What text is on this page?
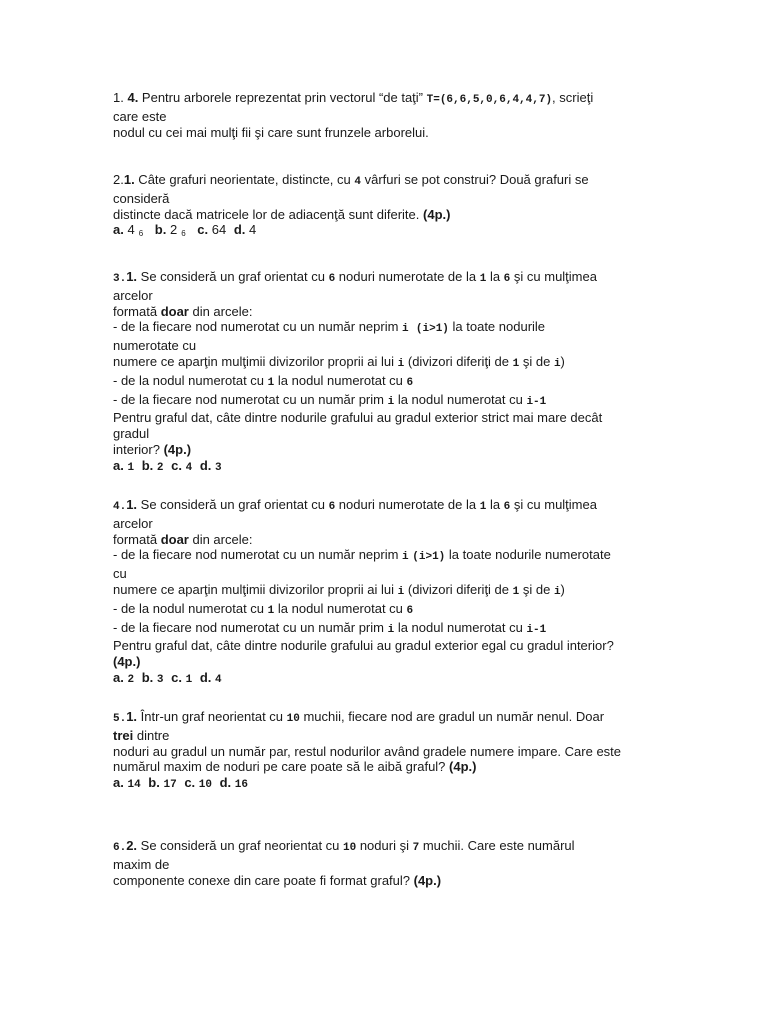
1. 4. Pentru arborele reprezentat prin vectorul “de taţi” T=(6,6,5,0,6,4,4,7), scrieţi
care este
nodul cu cei mai mulţi fii şi care sunt frunzele arborelui.
2.1. Câte grafuri neorientate, distincte, cu 4 vârfuri se pot construi? Două grafuri se
consideră
distincte dacă matricele lor de adiacenţă sunt diferite. (4p.)
a. 4 $_6$ b. 2 $_6$ c. 64 d. 4
3.1. Se consideră un graf orientat cu 6 noduri numerotate de la 1 la 6 şi cu mulţimea
arcelor
formată doar din arcele:
- de la fiecare nod numerotat cu un număr neprim i (i>1) la toate nodurile
numerotate cu
numere ce aparţin mulţimii divizorilor proprii ai lui i (divizori diferiţi de 1 şi de i)
- de la nodul numerotat cu 1 la nodul numerotat cu 6
- de la fiecare nod numerotat cu un număr prim i la nodul numerotat cu i-1
Pentru graful dat, câte dintre nodurile grafului au gradul exterior strict mai mare decât
gradul
interior? (4p.)
a. 1 b. 2 c. 4 d. 3
4.1. Se consideră un graf orientat cu 6 noduri numerotate de la 1 la 6 şi cu mulţimea
arcelor
formată doar din arcele:
- de la fiecare nod numerotat cu un număr neprim i (i>1) la toate nodurile numerotate
cu
numere ce aparţin mulţimii divizorilor proprii ai lui i (divizori diferiţi de 1 şi de i)
- de la nodul numerotat cu 1 la nodul numerotat cu 6
- de la fiecare nod numerotat cu un număr prim i la nodul numerotat cu i-1
Pentru graful dat, câte dintre nodurile grafului au gradul exterior egal cu gradul interior?
(4p.)
a. 2 b. 3 c. 1 d. 4
5.1. Într-un graf neorientat cu 10 muchii, fiecare nod are gradul un număr nenul. Doar
trei dintre
noduri au gradul un număr par, restul nodurilor având gradele numere impare. Care este
numărul maxim de noduri pe care poate să le aibă graful? (4p.)
a. 14 b. 17 c. 10 d. 16
6.2. Se consideră un graf neorientat cu 10 noduri şi 7 muchii. Care este numărul
maxim de
componente conexe din care poate fi format graful? (4p.)
